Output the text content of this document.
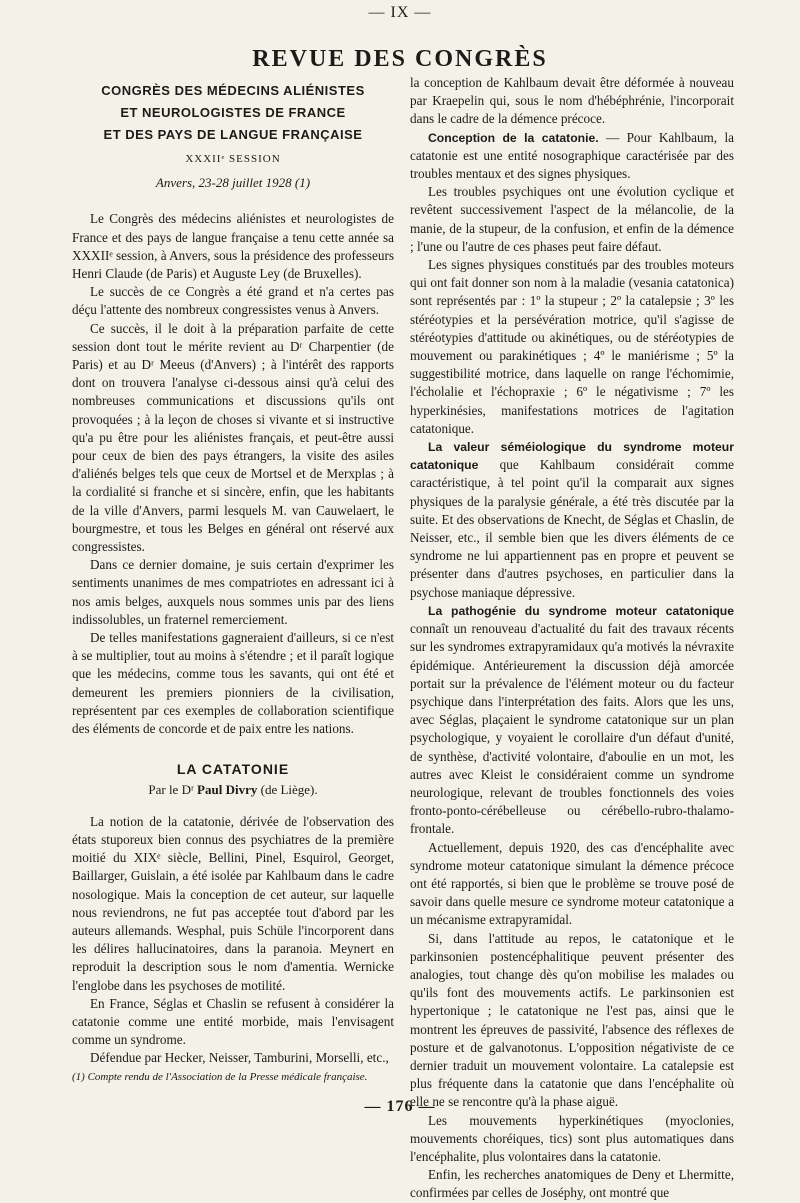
— IX —
REVUE DES CONGRÈS
CONGRÈS DES MÉDECINS ALIÉNISTES
ET NEUROLOGISTES DE FRANCE
ET DES PAYS DE LANGUE FRANÇAISE
XXXIIᵉ SESSION
Anvers, 23-28 juillet 1928 (1)

Le Congrès des médecins aliénistes et neurologistes de France et des pays de langue française a tenu cette année sa XXXIIᵉ session, à Anvers, sous la présidence des professeurs Henri Claude (de Paris) et Auguste Ley (de Bruxelles).

Le succès de ce Congrès a été grand et n'a certes pas déçu l'attente des nombreux congressistes venus à Anvers.

Ce succès, il le doit à la préparation parfaite de cette session dont tout le mérite revient au Dʳ Charpentier (de Paris) et au Dʳ Meeus (d'Anvers) ; à l'intérêt des rapports dont on trouvera l'analyse ci-dessous ainsi qu'à celui des nombreuses communications et discussions qu'ils ont provoquées ; à la leçon de choses si vivante et si instructive qu'a pu être pour les aliénistes français, et peut-être aussi pour ceux de bien des pays étrangers, la visite des asiles d'aliénés belges tels que ceux de Mortsel et de Merxplas ; à la cordialité si franche et si sincère, enfin, que les habitants de la ville d'Anvers, parmi lesquels M. van Cauwelaert, le bourgmestre, et tous les Belges en général ont réservé aux congressistes.

Dans ce dernier domaine, je suis certain d'exprimer les sentiments unanimes de mes compatriotes en adressant ici à nos amis belges, auxquels nous sommes unis par des liens indissolubles, un fraternel remerciement.

De telles manifestations gagneraient d'ailleurs, si ce n'est à se multiplier, tout au moins à s'étendre ; et il paraît logique que les médecins, comme tous les savants, qui ont été et demeurent les premiers pionniers de la civilisation, représentent par ces exemples de collaboration scientifique des éléments de concorde et de paix entre les nations.

LA CATATONIE
Par le Dʳ Paul Divry (de Liège).

La notion de la catatonie, dérivée de l'observation des états stuporeux bien connus des psychiatres de la première moitié du XIXᵉ siècle, Bellini, Pinel, Esquirol, Georget, Baillarger, Guislain, a été isolée par Kahlbaum dans le cadre nosologique. Mais la conception de cet auteur, sur laquelle nous reviendrons, ne fut pas acceptée tout d'abord par les auteurs allemands. Wesphal, puis Schüle l'incorporent dans les délires hallucinatoires, dans la paranoia. Meynert en reproduit la description sous le nom d'amentia. Wernicke l'englobe dans les psychoses de motilité.

En France, Séglas et Chaslin se refusent à considérer la catatonie comme une entité morbide, mais l'envisagent comme un syndrome.

Défendue par Hecker, Neisser, Tamburini, Morselli, etc.,

la conception de Kahlbaum devait être déformée à nouveau par Kraepelin qui, sous le nom d'hébéphrénie, l'incorporait dans le cadre de la démence précoce.

Conception de la catatonie. — Pour Kahlbaum, la catatonie est une entité nosographique caractérisée par des troubles mentaux et des signes physiques.

Les troubles psychiques ont une évolution cyclique et revêtent successivement l'aspect de la mélancolie, de la manie, de la stupeur, de la confusion, et enfin de la démence ; l'une ou l'autre de ces phases peut faire défaut.

Les signes physiques constitués par des troubles moteurs qui ont fait donner son nom à la maladie (vesania catatonica) sont représentés par : 1º la stupeur ; 2º la catalepsie ; 3º les stéréotypies et la persévération motrice, qu'il s'agisse de stéréotypies d'attitude ou akinétiques, ou de stéréotypies de mouvement ou parakinétiques ; 4º le maniérisme ; 5º la suggestibilité motrice, dans laquelle on range l'échomimie, l'écholalie et l'échopraxie ; 6º le négativisme ; 7º les hyperkinésies, manifestations motrices de l'agitation catatonique.

La valeur séméiologique du syndrome moteur catatonique que Kahlbaum considérait comme caractéristique, à tel point qu'il la comparait aux signes physiques de la paralysie générale, a été très discutée par la suite. Et des observations de Knecht, de Séglas et Chaslin, de Neisser, etc., il semble bien que les divers éléments de ce syndrome ne lui appartiennent pas en propre et peuvent se présenter dans d'autres psychoses, en particulier dans la psychose maniaque dépressive.

La pathogénie du syndrome moteur catatonique connaît un renouveau d'actualité du fait des travaux récents sur les syndromes extrapyramidaux qu'a motivés la névraxite épidémique. Antérieurement la discussion déjà amorcée portait sur la prévalence de l'élément moteur ou du facteur psychique dans l'interprétation des faits. Alors que les uns, avec Séglas, plaçaient le syndrome catatonique sur un plan psychologique, y voyaient le corollaire d'un défaut d'unité, de synthèse, d'activité volontaire, d'aboulie en un mot, les autres avec Kleist le considéraient comme un syndrome neurologique, relevant de troubles fonctionnels des voies fronto-ponto-cérébelleuse ou cérébello-rubro-thalamo-frontale.

Actuellement, depuis 1920, des cas d'encéphalite avec syndrome moteur catatonique simulant la démence précoce ont été rapportés, si bien que le problème se trouve posé de savoir dans quelle mesure ce syndrome moteur catatonique a un mécanisme extrapyramidal.

Si, dans l'attitude au repos, le catatonique et le parkinsonien postencéphalitique peuvent présenter des analogies, tout change dès qu'on mobilise les malades ou qu'ils font des mouvements actifs. Le parkinsonien est hypertonique ; le catatonique ne l'est pas, ainsi que le montrent les épreuves de passivité, l'absence des réflexes de posture et de galvanotonus. L'opposition négativiste de ce dernier traduit un mouvement volontaire. La catalepsie est plus fréquente dans la catatonie que dans l'encéphalite où elle ne se rencontre qu'à la phase aiguë.

Les mouvements hyperkinétiques (myoclonies, mouvements choréiques, tics) sont plus automatiques dans l'encéphalite, plus volontaires dans la catatonie.

Enfin, les recherches anatomiques de Deny et Lhermitte, confirmées par celles de Joséphy, ont montré que

(1) Compte rendu de l'Association de la Presse médicale française.
— 176 —
